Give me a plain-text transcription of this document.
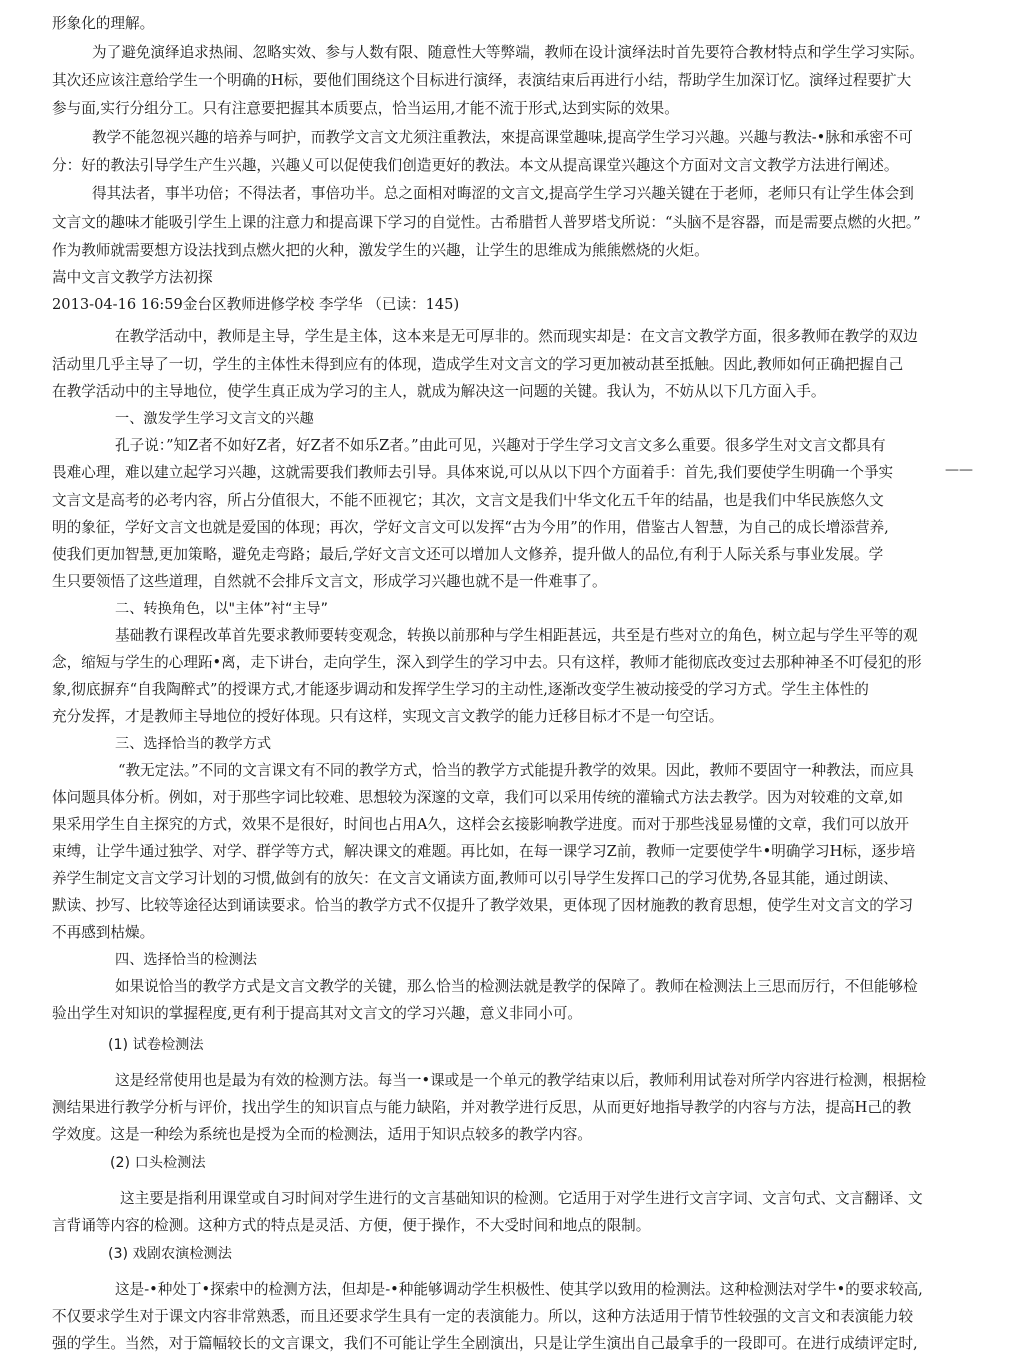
形象化的理解。
为了避免演绎追求热闹、忽略实效、参与人数有限、随意性大等弊端，教师在设计演绎法时首先要符合教材特点和学生学习实际。
其次还应该注意给学生一个明确的H标，要他们围绕这个目标进行演绎，表演结束后再进行小结，帮助学生加深订忆。演绎过程要扩大
参与面,实行分组分工。只有注意要把握其本质要点，恰当运用,才能不流于形式,达到实际的效果。
教学不能忽视兴趣的培养与呵护，而教学文言文尤须注重教法，來提高课堂趣味,提高学生学习兴趣。兴趣与教法-•脉和承密不可
分：好的教法引导学生产生兴趣，兴趣乂可以促使我们创造更好的教法。本文从提高课堂兴趣这个方面对文言文教学方法进行阐述。
得其法者，事半功倍；不得法者，事倍功半。总之面相对晦涩的文言文,提高学生学习兴趣关键在于老师，老师只有让学生体会到
文言文的趣味才能吸引学生上课的注意力和提高课下学习的自觉性。古希腊哲人普罗塔戈所说：“头脑不是容器，而是需要点燃的火把。”
作为教师就需要想方设法找到点燃火把的火种，激发学生的兴趣，让学生的思维成为熊熊燃烧的火炬。
嵩中文言文教学方法初探
2013-04-16 16:59金台区教师进修学校 李学华 （已读：145)
在教学活动中，教师是主导，学生是主体，这本来是无可厚非的。然而现实却是：在文言文教学方面，很多教师在教学的双边
活动里几乎主导了一切，学生的主体性未得到应有的体现，造成学生对文言文的学习更加被动甚至抵触。因此,教师如何正确把握自己
在教学活动中的主导地位，使学生真正成为学习的主人，就成为解决这一问题的关键。我认为，不妨从以下几方面入手。
一、激发学生学习文言文的兴趣
孔子说：”知Z者不如好Z者，好Z者不如乐Z者。”由此可见，兴趣对于学生学习文言文多么重要。很多学生对文言文都具有
畏难心理，难以建立起学习兴趣，这就需要我们教师去引导。具体來说,可以从以下四个方面着手：首先,我们要使学生明确一个爭实
文言文是高考的必考内容，所占分值很大，不能不匝视它；其次，文言文是我们屮华文化五千年的结晶，也是我们中华民族悠久文
明的象征，学好文言文也就是爱国的体现；再次，学好文言文可以发挥“古为今用”的作用，借鉴古人智慧，为自己的成长增添营养,
使我们更加智慧,更加策略，避免走弯路；最后,学好文言文还可以增加人文修养，提升做人的品位,有利于人际关系与事业发展。学
生只要领悟了这些道理，自然就不会排斥文言文，形成学习兴趣也就不是一件难事了。
二、转换角色，以"主体”衬“主导”
基础教冇课程改革首先要求教师要转变观念，转换以前那种与学生相距甚远，共至是冇些对立的角色，树立起与学生平等的观
念，缩短与学生的心理跖•离，走下讲台，走向学生，深入到学生的学习中去。只有这样，教师才能彻底改变过去那种神圣不叮侵犯的形
象,彻底摒弃“自我陶醉式”的授课方式,才能逐步调动和发挥学生学习的主动性,逐渐改变学生被动接受的学习方式。学生主体性的
充分发挥，才是教师主导地位的授好体现。只有这样，实现文言文教学的能力迁移目标才不是一句空话。
三、选择恰当的教学方式
“教无定法。”不同的文言课文有不同的教学方式，恰当的教学方式能提升教学的效果。因此，教师不要固守一种教法，而应具
体问题具体分析。例如，对于那些字词比较难、思想较为深邃的文章，我们可以采用传统的灌输式方法去教学。因为对较难的文章,如
果采用学生自主探究的方式，效果不是很好，时间也占用A久，这样会玄接影响教学进度。而对于那些浅显易懂的文章，我们可以放开
束缚，让学牛通过独学、对学、群学等方式，解决课文的难题。再比如，在每一课学习Z前，教师一定要使学牛•明确学习H标，逐步培
养学生制定文言文学习计划的习惯,做剑有的放矢：在文言文诵读方面,教师可以引导学生发挥口己的学习优势,各显其能，通过朗读、
默读、抄写、比较等途径达到诵读要求。恰当的教学方式不仅提升了教学效果，更体现了因材施教的教育思想，使学生对文言文的学习
不再感到枯燥。
四、选择恰当的检测法
如果说恰当的教学方式是文言文教学的关键，那么恰当的检测法就是教学的保障了。教师在检测法上三思而厉行，不但能够检
验出学生对知识的掌握程度,更有利于提高其对文言文的学习兴趣，意义非同小可。
(1) 试卷检测法
这是经常使用也是最为有效的检测方法。每当一•课或是一个单元的教学结束以后，教师利用试卷对所学内容进行检测，根据检
测结果进行教学分析与评价，找出学生的知识盲点与能力缺陷，并对教学进行反思，从而更好地指导教学的内容与方法，提高H己的教
学效度。这是一种绘为系统也是授为全而的检测法，适用于知识点较多的教学内容。
(2) 口头检测法
这主要是指利用课堂或自习时间对学生进行的文言基础知识的检测。它适用于对学生进行文言字词、文言句式、文言翻译、文
言背诵等内容的检测。这种方式的特点是灵活、方便，便于操作，不大受时间和地点的限制。
(3) 戏剧农演检测法
这是-•种处丁•探索中的检测方法，但却是-•种能够调动学生枳极性、使其学以致用的检测法。这种检测法对学牛•的要求较高,
不仅要求学生对于课文内容非常熟悉，而且还要求学生具有一定的表演能力。所以，这种方法适用于情节性较强的文言文和表演能力较
强的学生。当然，对于篇幅较长的文言课文，我们不可能让学生全剧演出，只是让学生演出自己最拿手的一段即可。在进行成绩评定时,
——
